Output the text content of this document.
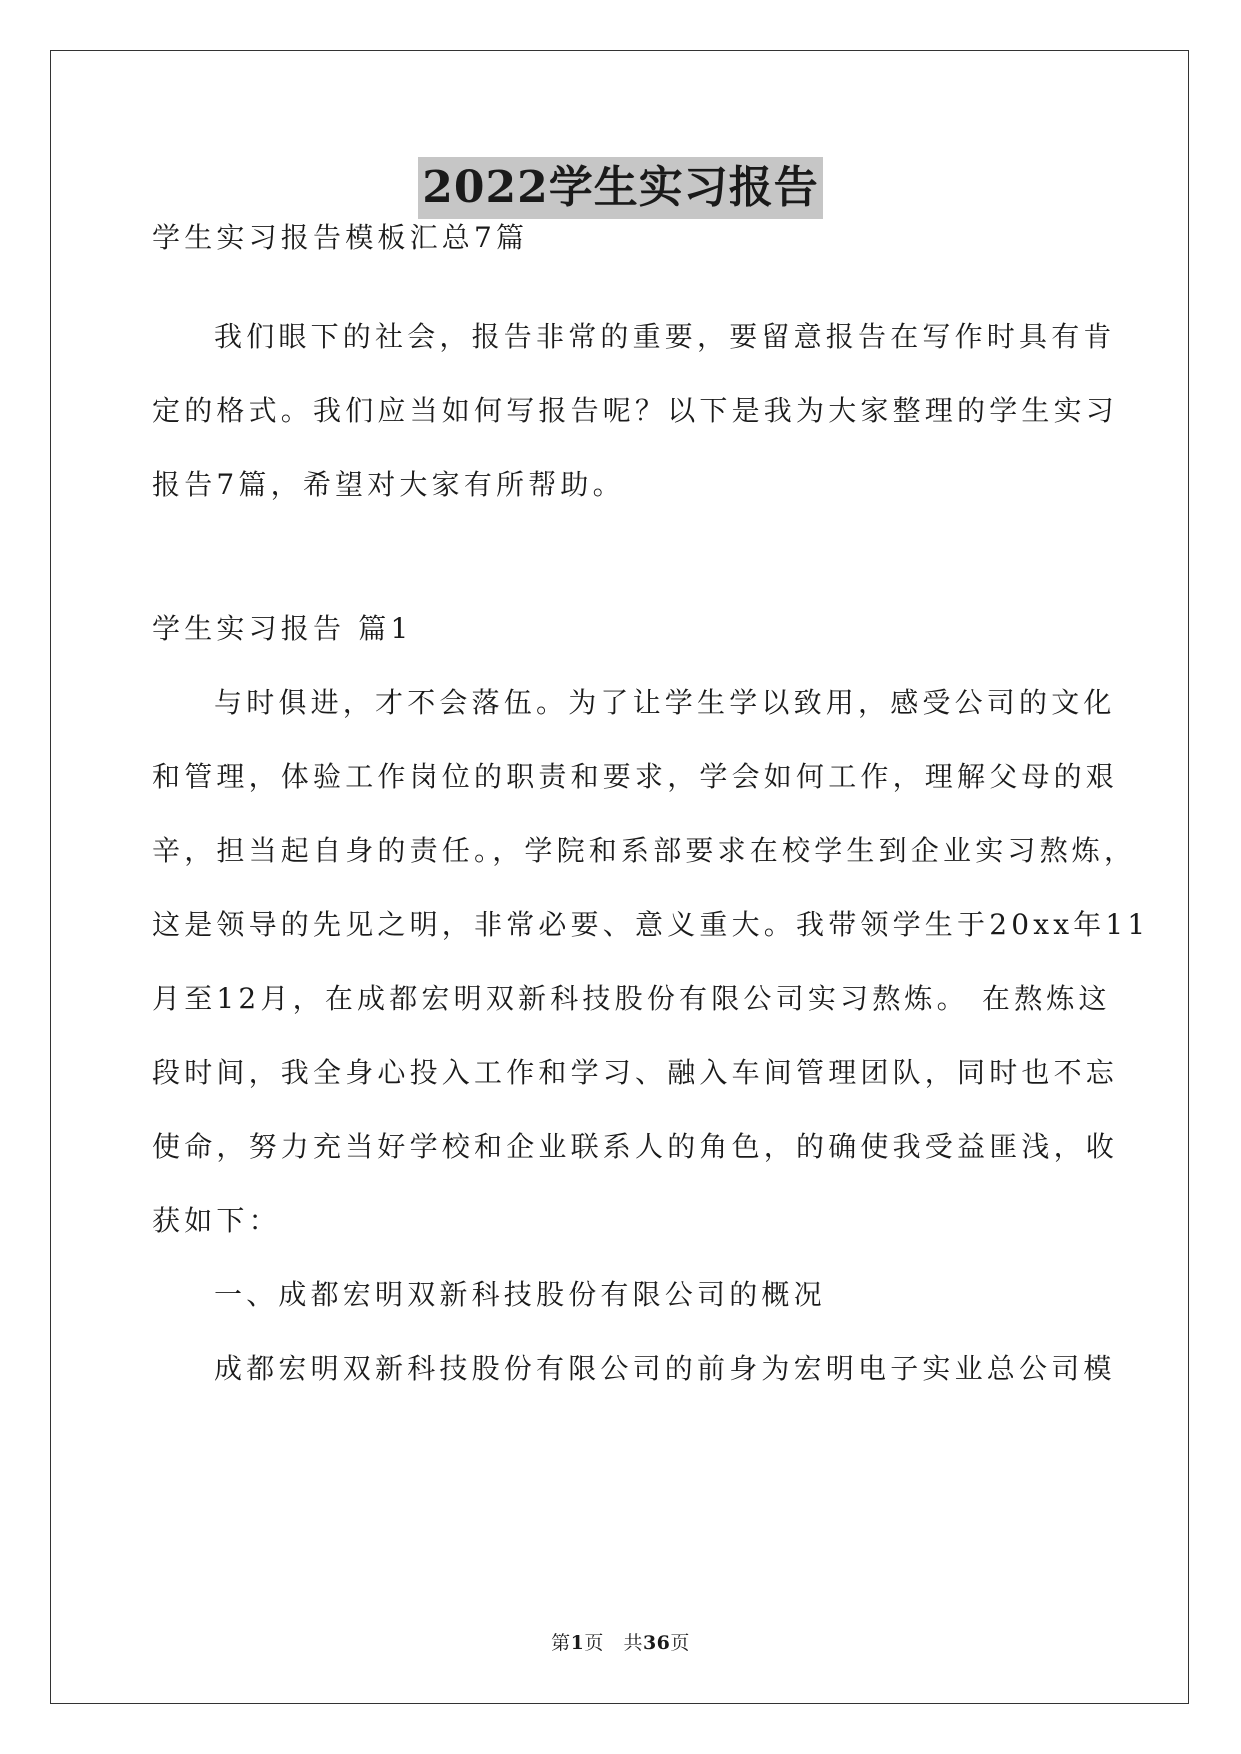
2022学生实习报告
学生实习报告模板汇总7篇
我们眼下的社会，报告非常的重要，要留意报告在写作时具有肯
定的格式。我们应当如何写报告呢？以下是我为大家整理的学生实习
报告7篇，希望对大家有所帮助。
学生实习报告 篇1
与时俱进，才不会落伍。为了让学生学以致用，感受公司的文化
和管理，体验工作岗位的职责和要求，学会如何工作，理解父母的艰
辛，担当起自身的责任。，学院和系部要求在校学生到企业实习熬炼，
这是领导的先见之明，非常必要、意义重大。我带领学生于20xx年11
月至12月，在成都宏明双新科技股份有限公司实习熬炼。 在熬炼这
段时间，我全身心投入工作和学习、融入车间管理团队，同时也不忘
使命，努力充当好学校和企业联系人的角色，的确使我受益匪浅，收
获如下：
一、成都宏明双新科技股份有限公司的概况
成都宏明双新科技股份有限公司的前身为宏明电子实业总公司模
第1页   共36页
